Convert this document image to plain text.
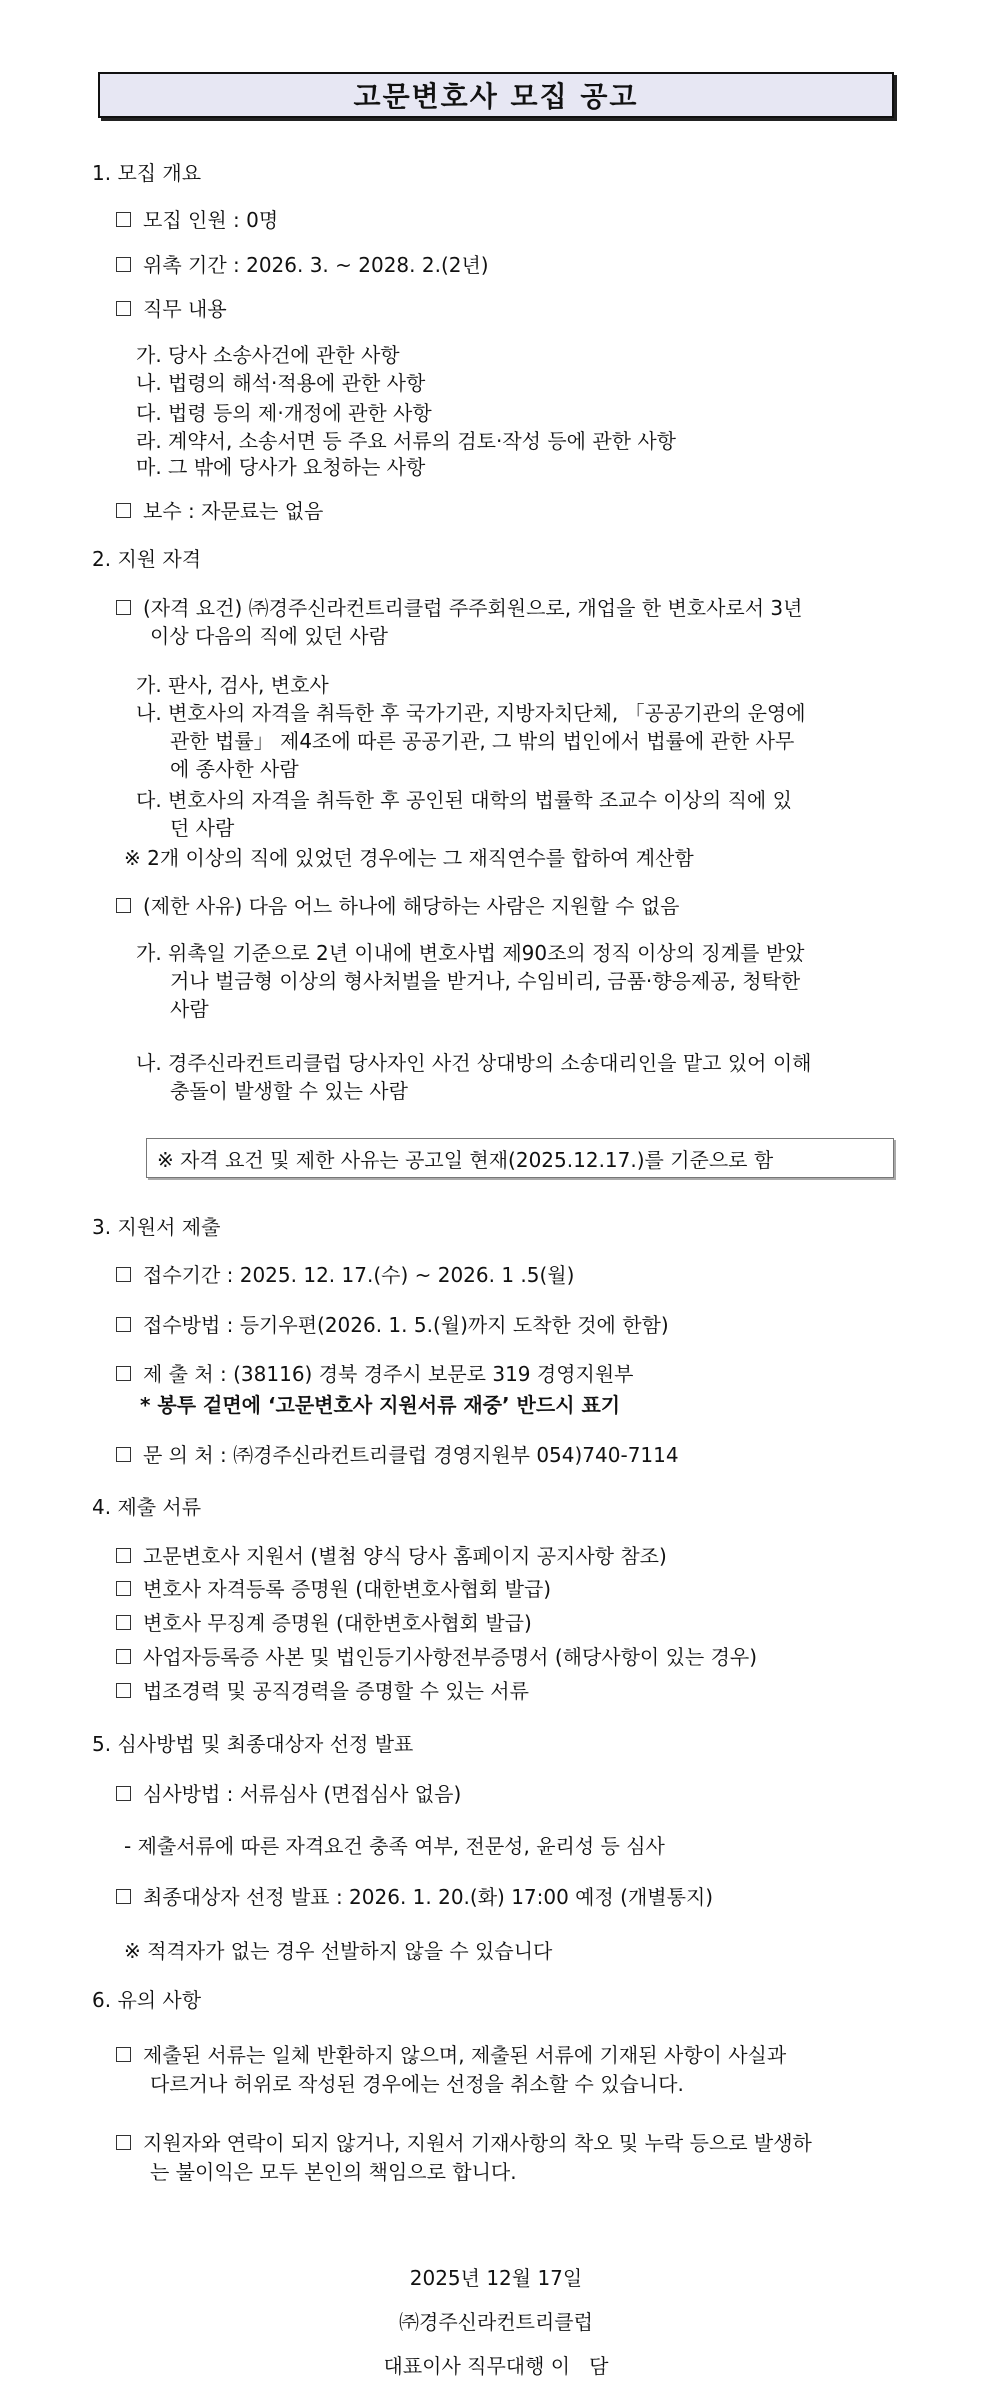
고문변호사 모집 공고
1. 모집 개요
모집 인원 : 0명
위촉 기간 : 2026. 3. ~ 2028. 2.(2년)
직무 내용
가. 당사 소송사건에 관한 사항
나. 법령의 해석·적용에 관한 사항
다. 법령 등의 제·개정에 관한 사항
라. 계약서, 소송서면 등 주요 서류의 검토·작성 등에 관한 사항
마. 그 밖에 당사가 요청하는 사항
보수 : 자문료는 없음
2. 지원 자격
(자격 요건) ㈜경주신라컨트리클럽 주주회원으로, 개업을 한 변호사로서 3년
이상 다음의 직에 있던 사람
가. 판사, 검사, 변호사
나. 변호사의 자격을 취득한 후 국가기관, 지방자치단체, 「공공기관의 운영에
관한 법률」 제4조에 따른 공공기관, 그 밖의 법인에서 법률에 관한 사무
에 종사한 사람
다. 변호사의 자격을 취득한 후 공인된 대학의 법률학 조교수 이상의 직에 있
던 사람
※ 2개 이상의 직에 있었던 경우에는 그 재직연수를 합하여 계산함
(제한 사유) 다음 어느 하나에 해당하는 사람은 지원할 수 없음
가. 위촉일 기준으로 2년 이내에 변호사법 제90조의 정직 이상의 징계를 받았
거나 벌금형 이상의 형사처벌을 받거나, 수임비리, 금품·향응제공, 청탁한
사람
나. 경주신라컨트리클럽 당사자인 사건 상대방의 소송대리인을 맡고 있어 이해
충돌이 발생할 수 있는 사람
※ 자격 요건 및 제한 사유는 공고일 현재(2025.12.17.)를 기준으로 함
3. 지원서 제출
접수기간 : 2025. 12. 17.(수) ~ 2026. 1 .5(월)
접수방법 : 등기우편(2026. 1. 5.(월)까지 도착한 것에 한함)
제 출 처 : (38116) 경북 경주시 보문로 319 경영지원부
* 봉투 겉면에 ‘고문변호사 지원서류 재중’ 반드시 표기
문 의 처 : ㈜경주신라컨트리클럽 경영지원부 054)740-7114
4. 제출 서류
고문변호사 지원서 (별첨 양식 당사 홈페이지 공지사항 참조)
변호사 자격등록 증명원 (대한변호사협회 발급)
변호사 무징계 증명원 (대한변호사협회 발급)
사업자등록증 사본 및 법인등기사항전부증명서 (해당사항이 있는 경우)
법조경력 및 공직경력을 증명할 수 있는 서류
5. 심사방법 및 최종대상자 선정 발표
심사방법 : 서류심사 (면접심사 없음)
- 제출서류에 따른 자격요건 충족 여부, 전문성, 윤리성 등 심사
최종대상자 선정 발표 : 2026. 1. 20.(화) 17:00 예정 (개별통지)
※ 적격자가 없는 경우 선발하지 않을 수 있습니다
6. 유의 사항
제출된 서류는 일체 반환하지 않으며, 제출된 서류에 기재된 사항이 사실과
다르거나 허위로 작성된 경우에는 선정을 취소할 수 있습니다.
지원자와 연락이 되지 않거나, 지원서 기재사항의 착오 및 누락 등으로 발생하
는 불이익은 모두 본인의 책임으로 합니다.
2025년 12월 17일
㈜경주신라컨트리클럽
대표이사 직무대행 이   담
